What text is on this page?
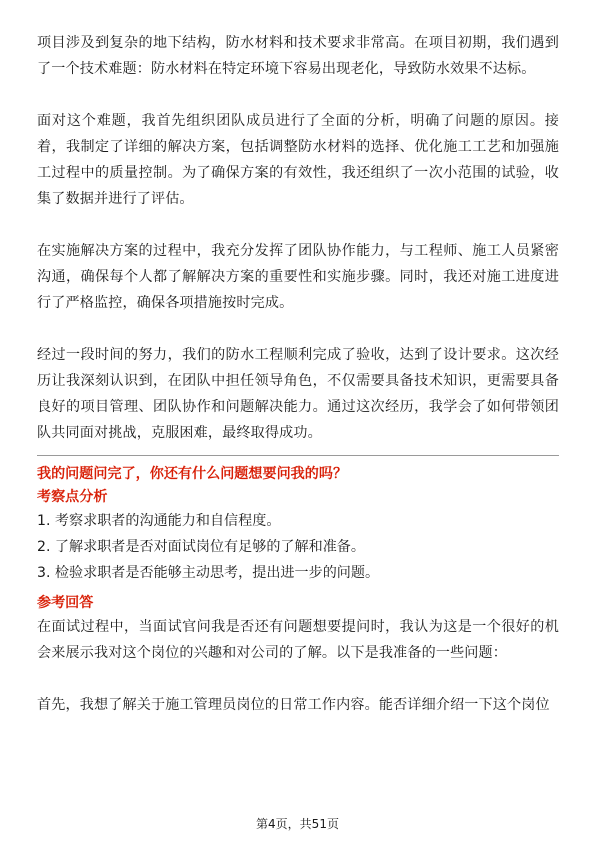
项目涉及到复杂的地下结构，防水材料和技术要求非常高。在项目初期，我们遇到了一个技术难题：防水材料在特定环境下容易出现老化，导致防水效果不达标。

面对这个难题，我首先组织团队成员进行了全面的分析，明确了问题的原因。接着，我制定了详细的解决方案，包括调整防水材料的选择、优化施工工艺和加强施工过程中的质量控制。为了确保方案的有效性，我还组织了一次小范围的试验，收集了数据并进行了评估。

在实施解决方案的过程中，我充分发挥了团队协作能力，与工程师、施工人员紧密沟通，确保每个人都了解解决方案的重要性和实施步骤。同时，我还对施工进度进行了严格监控，确保各项措施按时完成。

经过一段时间的努力，我们的防水工程顺利完成了验收，达到了设计要求。这次经历让我深刻认识到，在团队中担任领导角色，不仅需要具备技术知识，更需要具备良好的项目管理、团队协作和问题解决能力。通过这次经历，我学会了如何带领团队共同面对挑战，克服困难，最终取得成功。

我的问题问完了，你还有什么问题想要问我的吗？

考察点分析

1. 考察求职者的沟通能力和自信程度。
2. 了解求职者是否对面试岗位有足够的了解和准备。
3. 检验求职者是否能够主动思考，提出进一步的问题。

参考回答

在面试过程中，当面试官问我是否还有问题想要提问时，我认为这是一个很好的机会来展示我对这个岗位的兴趣和对公司的了解。以下是我准备的一些问题：

首先，我想了解关于施工管理员岗位的日常工作内容。能否详细介绍一下这个岗位

第4页，共51页
